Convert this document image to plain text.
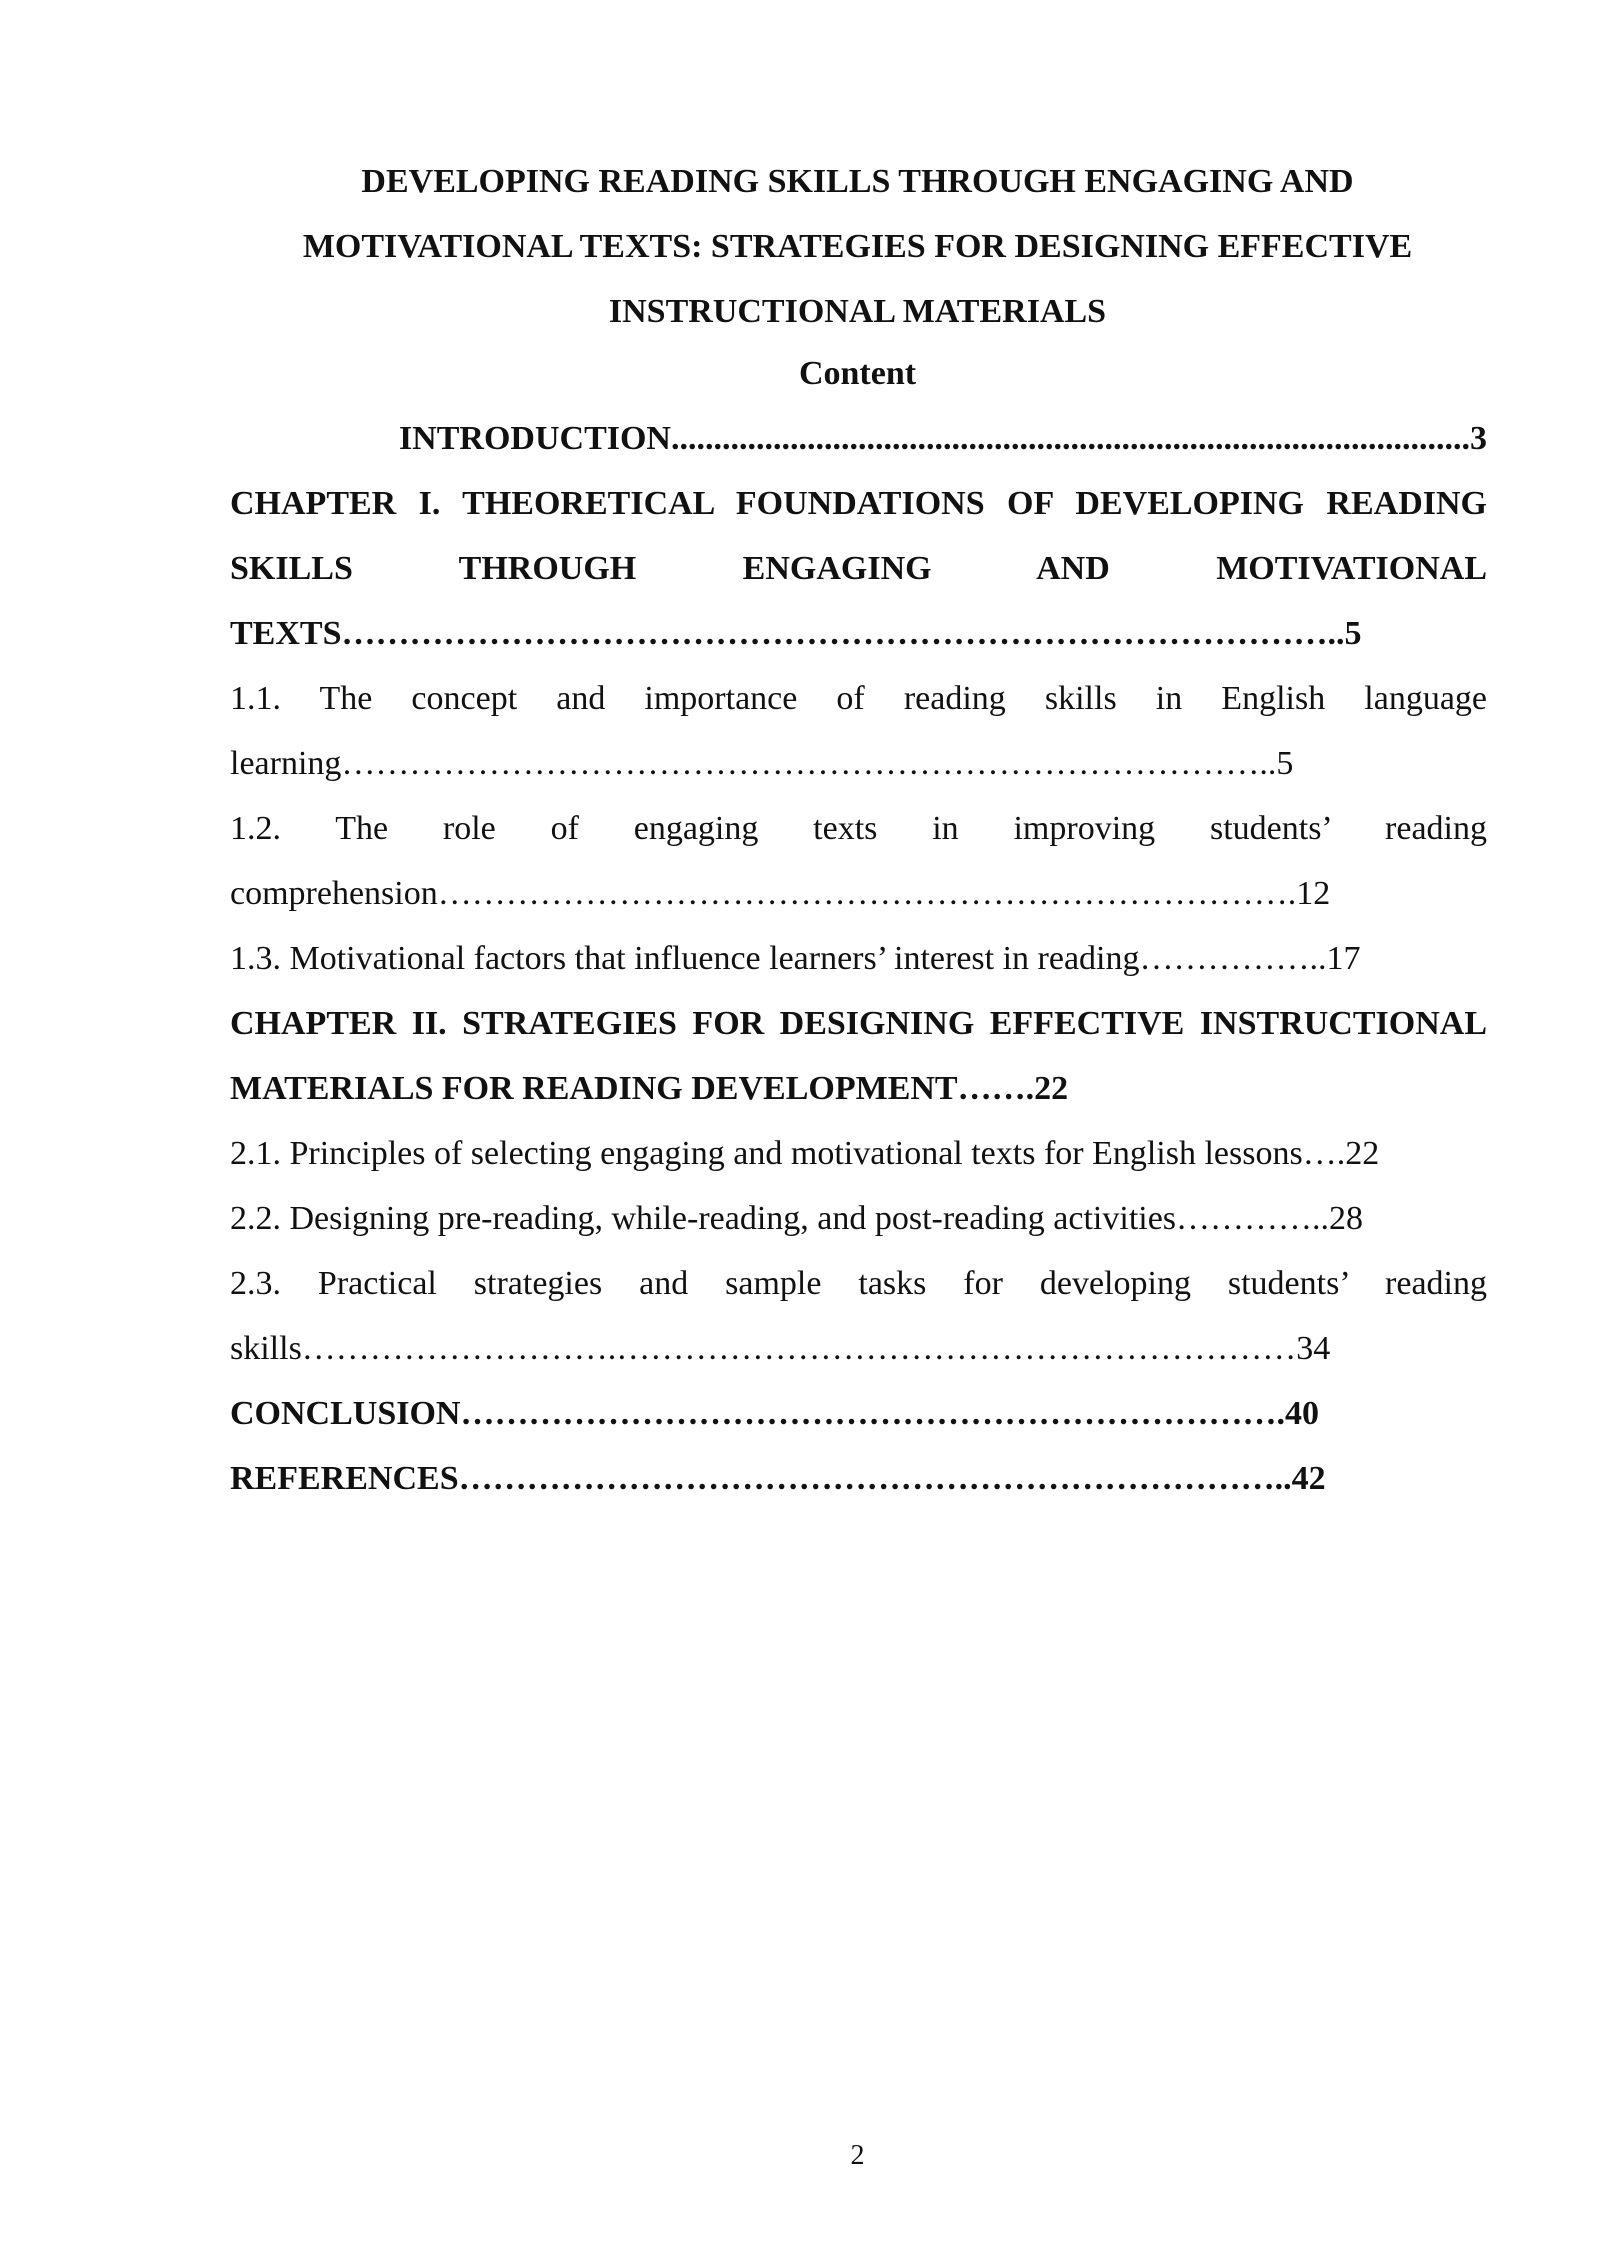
DEVELOPING READING SKILLS THROUGH ENGAGING AND
MOTIVATIONAL TEXTS: STRATEGIES FOR DESIGNING EFFECTIVE
INSTRUCTIONAL MATERIALS
Content

INTRODUCTION..............................................................................................3

CHAPTER I. THEORETICAL FOUNDATIONS OF DEVELOPING READING SKILLS THROUGH ENGAGING AND MOTIVATIONAL TEXTS……………………………………………………………………………..5

1.1. The concept and importance of reading skills in English language learning………………………………………………………………………..5

1.2. The role of engaging texts in improving students’ reading comprehension………………………………………………………………….12

1.3. Motivational factors that influence learners’ interest in reading……………..17

CHAPTER II. STRATEGIES FOR DESIGNING EFFECTIVE INSTRUCTIONAL MATERIALS FOR READING DEVELOPMENT…….22

2.1. Principles of selecting engaging and motivational texts for English lessons….22

2.2. Designing pre-reading, while-reading, and post-reading activities…………..28

2.3. Practical strategies and sample tasks for developing students’ reading skills……………………….……………………………………………………34

CONCLUSION……………………………………………………………….40

REFERENCES………………………………………………………………..42

2
